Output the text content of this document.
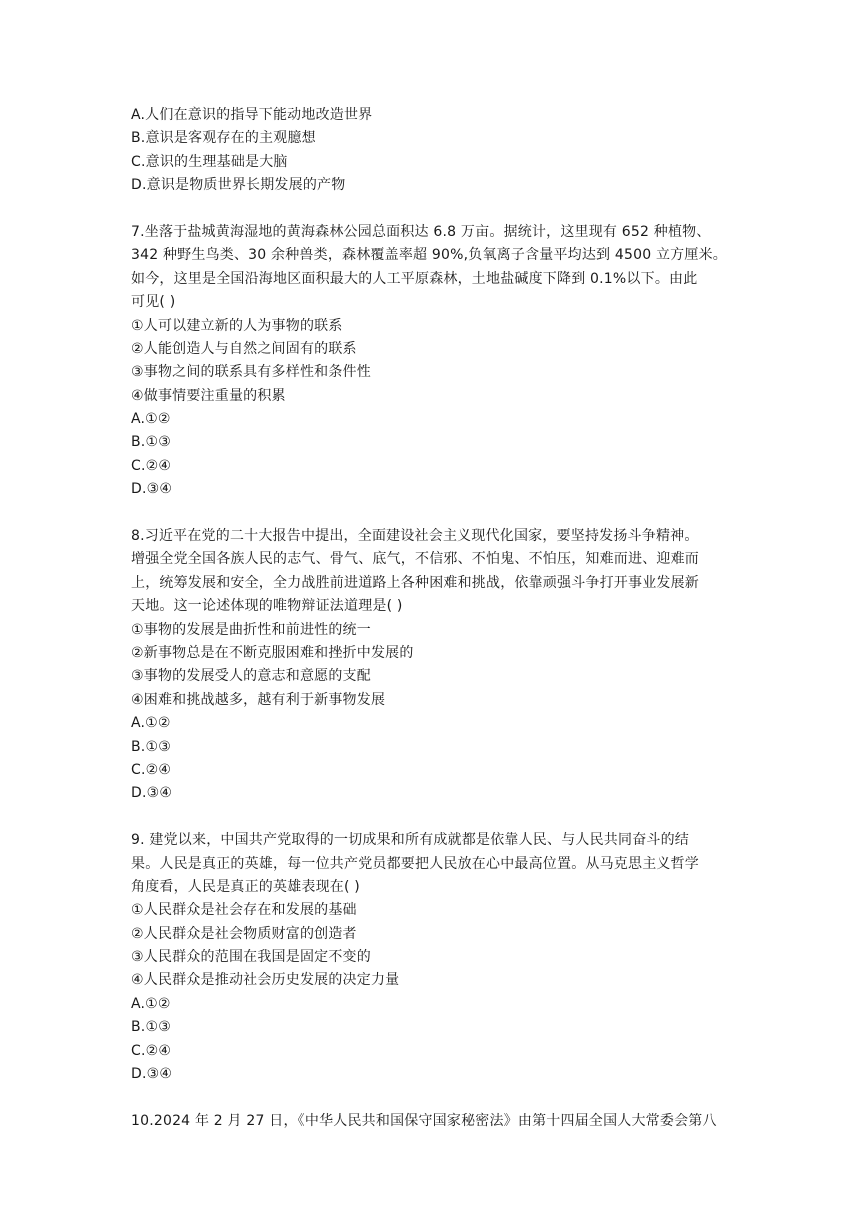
A.人们在意识的指导下能动地改造世界
B.意识是客观存在的主观臆想
C.意识的生理基础是大脑
D.意识是物质世界长期发展的产物
7.坐落于盐城黄海湿地的黄海森林公园总面积达 6.8 万亩。据统计，这里现有 652 种植物、
342 种野生鸟类、30 余种兽类，森林覆盖率超 90%,负氧离子含量平均达到 4500 立方厘米。
如今，这里是全国沿海地区面积最大的人工平原森林，土地盐碱度下降到 0.1%以下。由此
可见( )
①人可以建立新的人为事物的联系
②人能创造人与自然之间固有的联系
③事物之间的联系具有多样性和条件性
④做事情要注重量的积累
A.①②
B.①③
C.②④
D.③④
8.习近平在党的二十大报告中提出，全面建设社会主义现代化国家，要坚持发扬斗争精神。
增强全党全国各族人民的志气、骨气、底气，不信邪、不怕鬼、不怕压，知难而进、迎难而
上，统筹发展和安全，全力战胜前进道路上各种困难和挑战，依靠顽强斗争打开事业发展新
天地。这一论述体现的唯物辩证法道理是( )
①事物的发展是曲折性和前进性的统一
②新事物总是在不断克服困难和挫折中发展的
③事物的发展受人的意志和意愿的支配
④困难和挑战越多，越有利于新事物发展
A.①②
B.①③
C.②④
D.③④
9. 建党以来，中国共产党取得的一切成果和所有成就都是依靠人民、与人民共同奋斗的结
果。人民是真正的英雄，每一位共产党员都要把人民放在心中最高位置。从马克思主义哲学
角度看，人民是真正的英雄表现在( )
①人民群众是社会存在和发展的基础
②人民群众是社会物质财富的创造者
③人民群众的范围在我国是固定不变的
④人民群众是推动社会历史发展的决定力量
A.①②
B.①③
C.②④
D.③④
10.2024 年 2 月 27 日，《中华人民共和国保守国家秘密法》由第十四届全国人大常委会第八
